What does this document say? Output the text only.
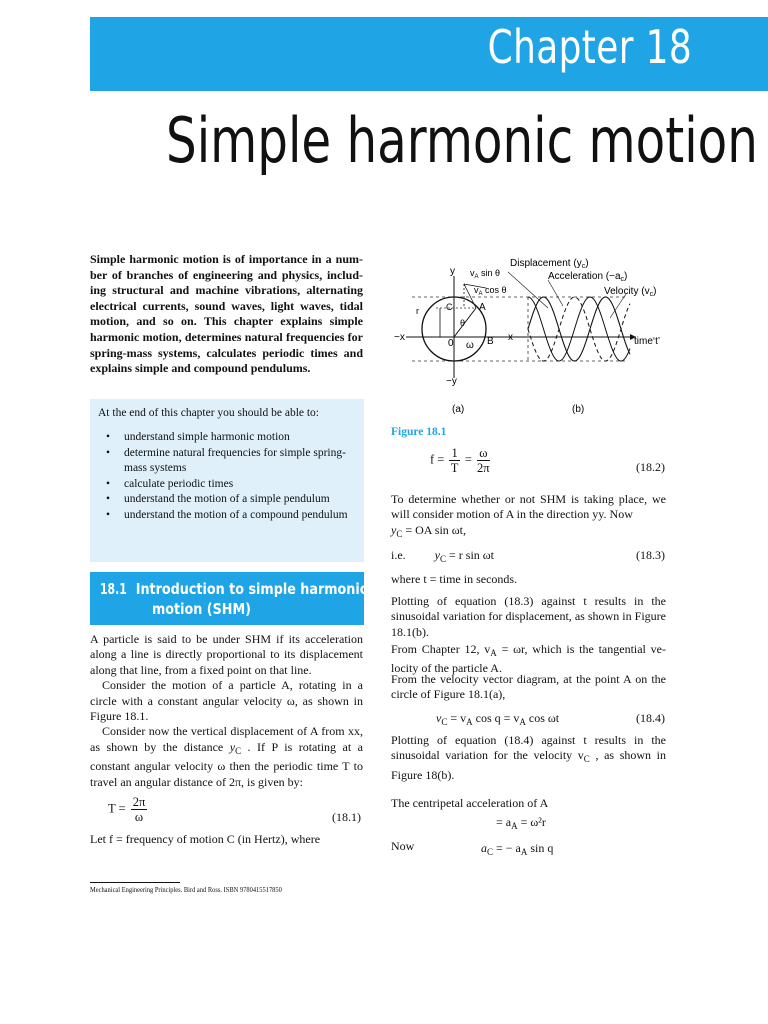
Chapter 18
Simple harmonic motion
Simple harmonic motion is of importance in a num- ber of branches of engineering and physics, includ- ing structural and machine vibrations, alternating electrical currents, sound waves, light waves, tidal motion, and so on. This chapter explains simple harmonic motion, determines natural frequencies for spring-mass systems, calculates periodic times and explains simple and compound pendulums.

At the end of this chapter you should be able to:

• understand simple harmonic motion
• determine natural frequencies for simple spring- mass systems
• calculate periodic times
• understand the motion of a simple pendulum
• understand the motion of a compound pendulum
18.1 Introduction to simple harmonic
motion (SHM)

A particle is said to be under SHM if its acceleration along a line is directly proportional to its displacement along that line, from a fixed point on that line.

Consider the motion of a particle A, rotating in a circle with a constant angular velocity ω, as shown in Figure 18.1.

Consider now the vertical displacement of A from xx, as shown by the distance $y_C$ . If P is rotating at a constant angular velocity ω then the periodic time T to travel an angular distance of 2π, is given by:

$T = \frac{2\pi}{\omega}$	(18.1)
Let f = frequency of motion C (in Hertz), where
Mechanical Engineering Principles. Bird and Ross. ISBN 9780415517850
Displacement $(y_c)$
Acceleration $(-a_c)$
Velocity $(v_c)$
time‘t’
y
−y
−x	x
0
A
B
C
r
ω
θ
$v_A$ sin θ
$v_A$ cos θ
(a)	(b)
Figure 18.1
$f = \frac{1}{T} = \frac{\omega}{2\pi}$	(18.2)

To determine whether or not SHM is taking place, we will consider motion of A in the direction yy. Now

$y_C$ = OA sin ωt,

i.e. $y_C = r$ sin ωt	(18.3)
where t = time in seconds.
Plotting of equation (18.3) against t results in the sinusoidal variation for displacement, as shown in Figure 18.1(b).

From Chapter 12, $v_A = \omega r$, which is the tangential ve- locity of the particle A.

From the velocity vector diagram, at the point A on the circle of Figure 18.1(a),
$v_C = v_A$ $\cos q = v_A$ cos ωt	(18.4)

Plotting of equation (18.4) against t results in the sinusoidal variation for the velocity $v_C$ , as shown in Figure 18(b).

The centripetal acceleration of A
= $a_A = \omega^2r$
Now	$a_C$ = − $a_A$ sin q
